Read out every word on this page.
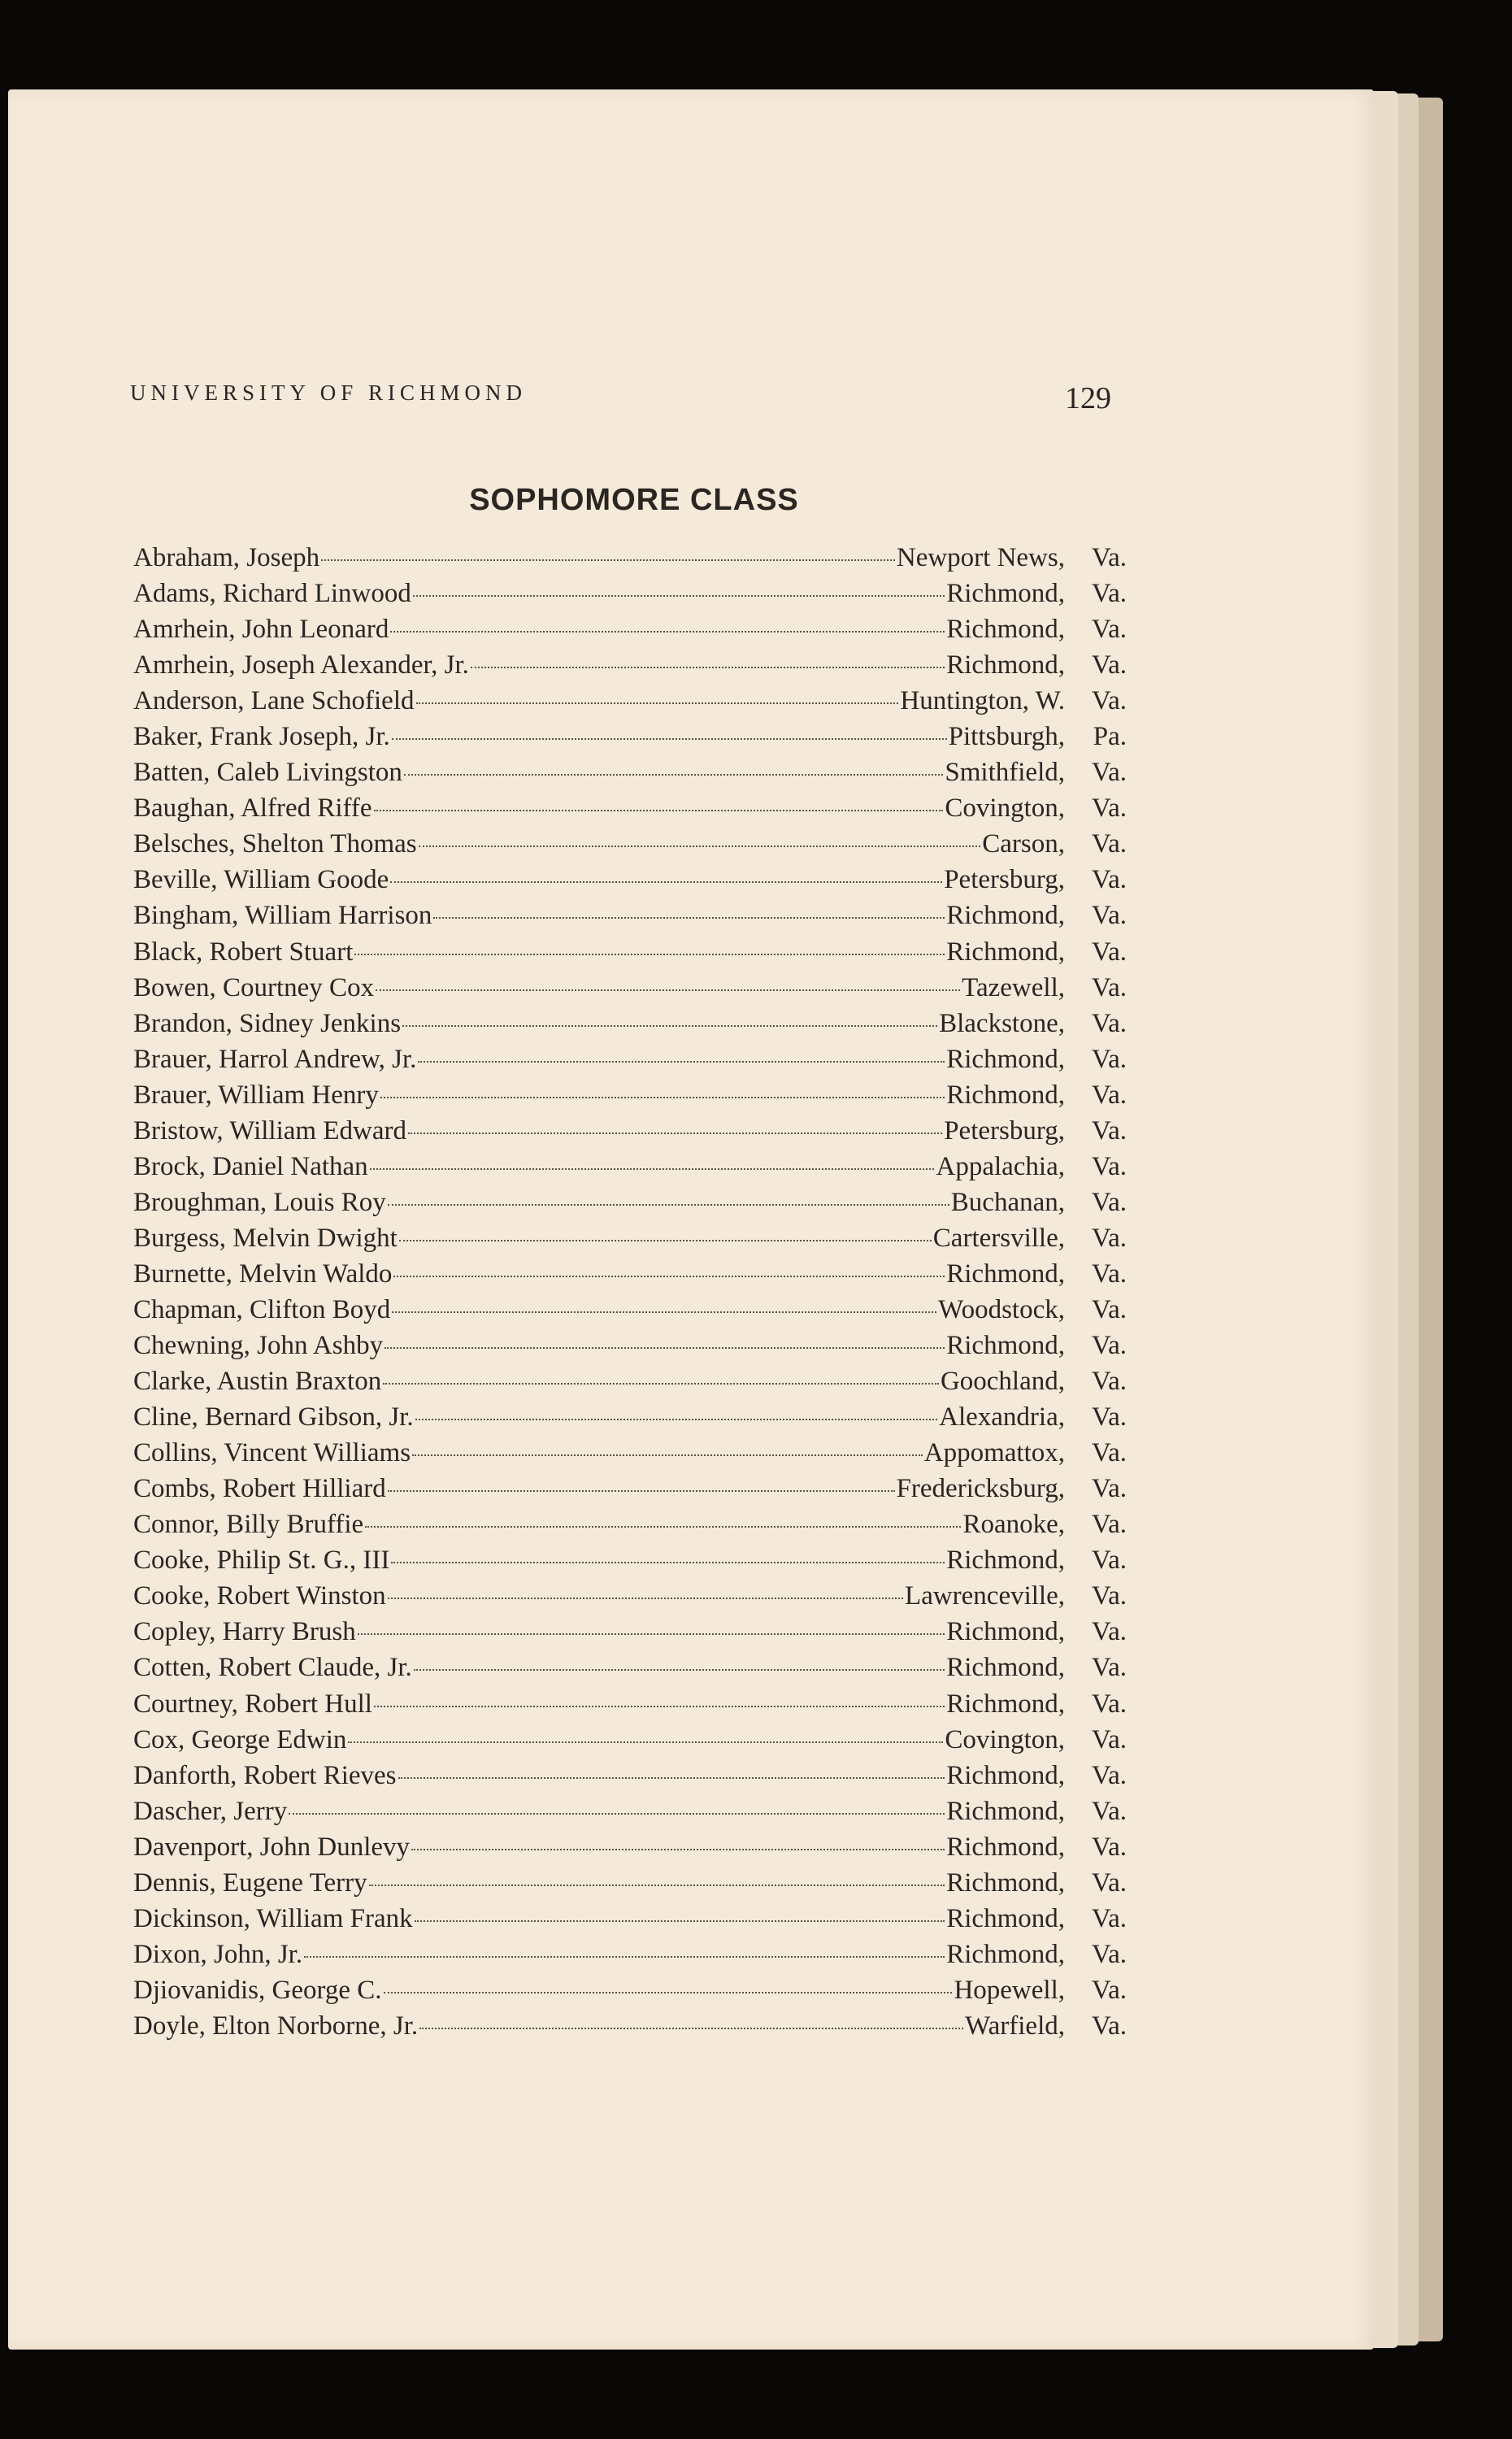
UNIVERSITY OF RICHMOND	129
SOPHOMORE CLASS
Abraham, Joseph	Newport News, Va.
Adams, Richard Linwood	Richmond, Va.
Amrhein, John Leonard	Richmond, Va.
Amrhein, Joseph Alexander, Jr.	Richmond, Va.
Anderson, Lane Schofield	Huntington, W. Va.
Baker, Frank Joseph, Jr.	Pittsburgh,	Pa.
Batten, Caleb Livingston	Smithfield, Va.
Baughan, Alfred Riffe	Covington, Va.
Belsches, Shelton Thomas	Carson, Va.
Beville, William Goode	Petersburg, Va.
Bingham, William Harrison	Richmond, Va.
Black, Robert Stuart	Richmond, Va.
Bowen, Courtney Cox	Tazewell, Va.
Brandon, Sidney Jenkins	Blackstone, Va.
Brauer, Harrol Andrew, Jr.	Richmond, Va.
Brauer, William Henry	Richmond, Va.
Bristow, William Edward	Petersburg, Va.
Brock, Daniel Nathan	Appalachia, Va.
Broughman, Louis Roy	Buchanan, Va.
Burgess, Melvin Dwight	Cartersville, Va.
Burnette, Melvin Waldo	Richmond, Va.
Chapman, Clifton Boyd	Woodstock, Va.
Chewning, John Ashby	Richmond, Va.
Clarke, Austin Braxton	Goochland, Va.
Cline, Bernard Gibson, Jr.	Alexandria, Va.
Collins, Vincent Williams	Appomattox, Va.
Combs, Robert Hilliard	Fredericksburg, Va.
Connor, Billy Bruffie	Roanoke, Va.
Cooke, Philip St. G., III	Richmond, Va.
Cooke, Robert Winston	Lawrenceville, Va.
Copley, Harry Brush	Richmond, Va.
Cotten, Robert Claude, Jr.	Richmond, Va.
Courtney, Robert Hull	Richmond, Va.
Cox, George Edwin	Covington, Va.
Danforth, Robert Rieves	Richmond, Va.
Dascher, Jerry	Richmond, Va.
Davenport, John Dunlevy	Richmond, Va.
Dennis, Eugene Terry	Richmond, Va.
Dickinson, William Frank	Richmond, Va.
Dixon, John, Jr.	Richmond, Va.
Djiovanidis, George C.	Hopewell, Va.
Doyle, Elton Norborne, Jr.	Warfield, Va.
